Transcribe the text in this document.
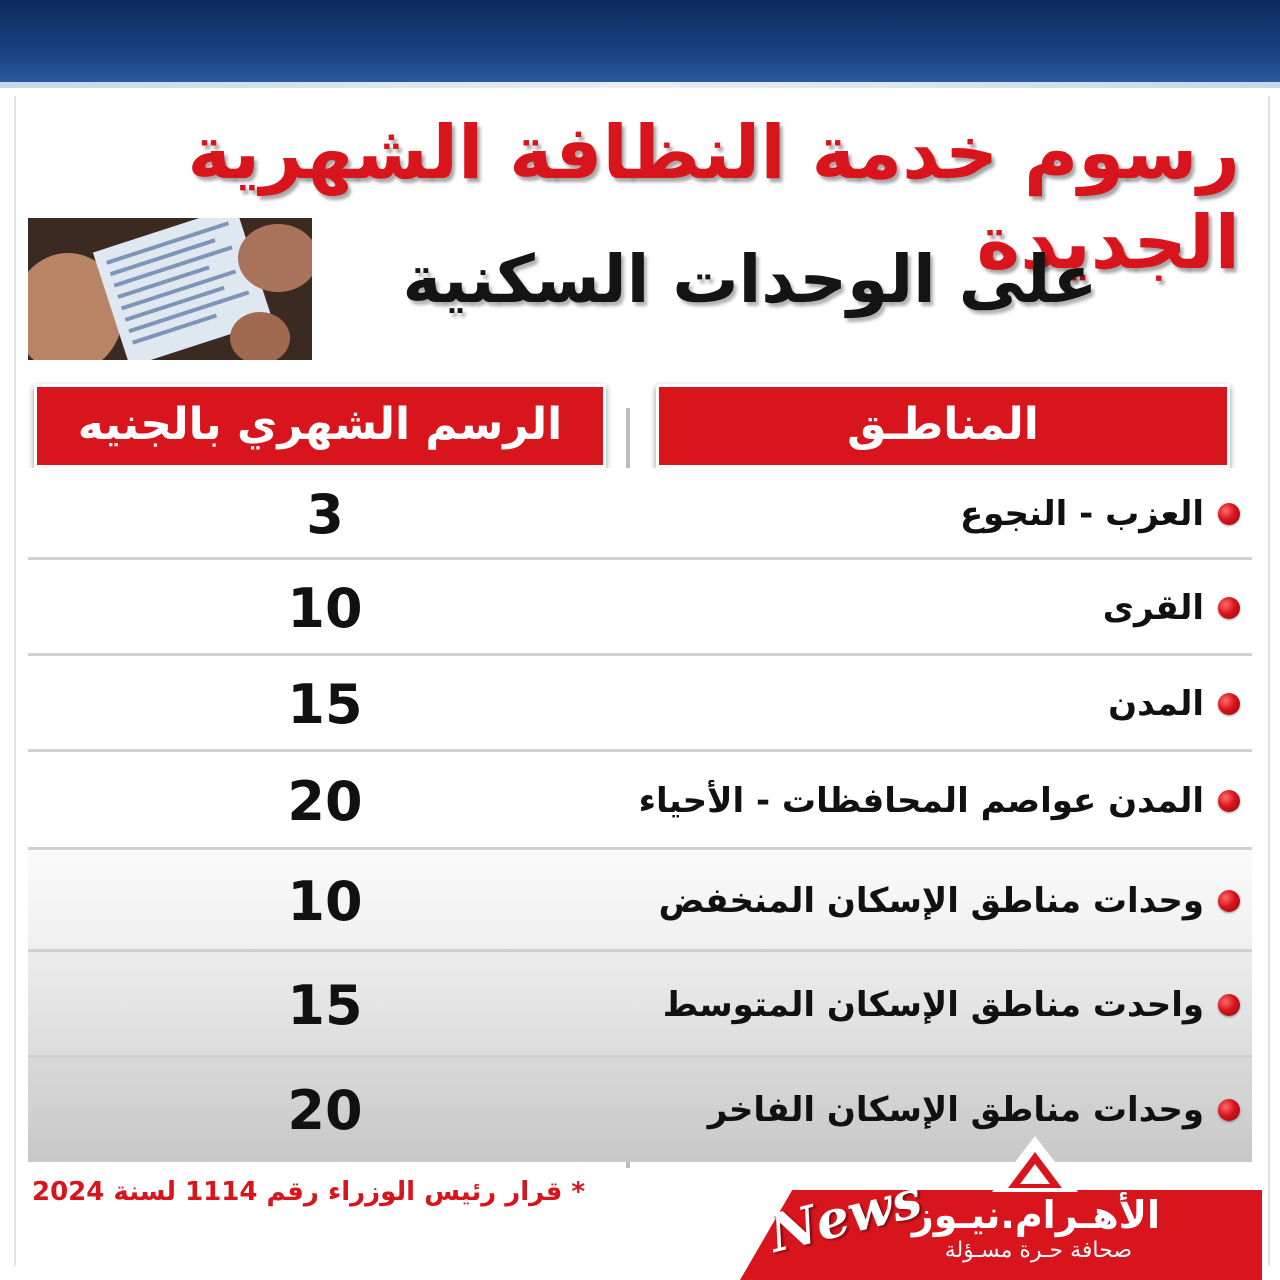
رسوم خدمة النظافة الشهرية الجديدة
على الوحدات السكنية
المناطـق
الرسم الشهري بالجنيه
3	العزب - النجوع
10	القرى
15	المدن
20	المدن عواصم المحافظات - الأحياء
10	وحدات مناطق الإسكان المنخفض
15	واحدت مناطق الإسكان المتوسط
20	وحدات مناطق الإسكان الفاخر
* قرار رئيس الوزراء رقم 1114 لسنة 2024	News
الأهـرام.نيـوز
صحافة حـرة مسـؤلة
